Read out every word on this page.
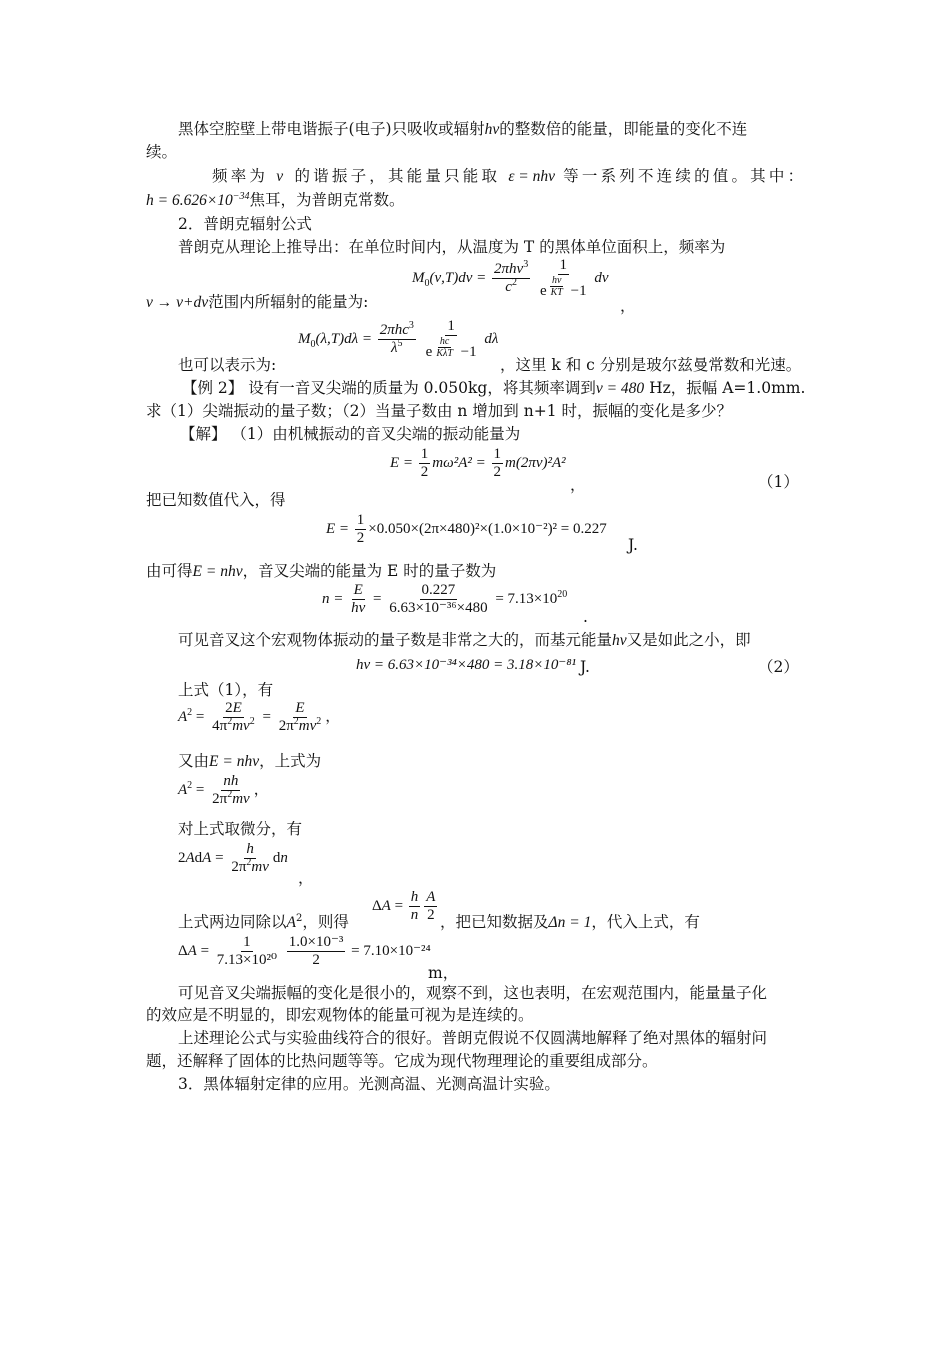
黑体空腔壁上带电谐振子(电子)只吸收或辐射hν的整数倍的能量，即能量的变化不连
续。
频率为 ν 的谐振子，其能量只能取 ε = nhν 等一系列不连续的值。其中：
$h = 6.626\times 10^{-34}$焦耳，为普朗克常数。
2．普朗克辐射公式
普朗克从理论上推导出：在单位时间内，从温度为 T 的黑体单位面积上，频率为
$M_0(\nu,T)d\nu = \frac{2\pi h\nu^3}{c^2}$
1
e $^{\frac{h\nu}{KT}}$ −1 dν
ν → ν+dν范围内所辐射的能量为:	，
$M_0(\lambda,T)d\lambda = \frac{2\pi hc^3}{\lambda^5}$
1
e $^{\frac{hc}{\text{KλT}}}$ −1 dλ
也可以表示为:	，这里 k 和 c 分别是玻尔兹曼常数和光速。
【例 2】 设有一音叉尖端的质量为 0.050kg，将其频率调到ν = 480 Hz，振幅 A=1.0mm.
求（1）尖端振动的量子数；（2）当量子数由 n 增加到 n+1 时，振幅的变化是多少？
【解】 （1）由机械振动的音叉尖端的振动能量为
$E = \frac{1}{2} m\omega^2A^2 = \frac{1}{2} m(2\pi\nu)^2A^2$
，	（1）
把已知数值代入，得
$E = \frac{1}{2} \times 0.050\times(2\pi\times 480)^2\times(1.0\times 10^{-2})^2 = 0.227$
J.
由可得E = nhν，音叉尖端的能量为 E 时的量子数为
$n = \frac{E}{h\nu} = \frac{0.227}{\text{6.63×10⁻³⁶×480}} = 7.13\times 10^{20}$
.
可见音叉这个宏观物体振动的量子数是非常之大的，而基元能量hν又是如此之小，即
hν = 6.63×10⁻³⁴×480 = 3.18×10⁻⁸¹ J.	（2）
上式（1），有
$A^2 = \frac{2E}{4\pi^2m\nu^2} = \frac{E}{2\pi^2m\nu^2}$ ，
又由E = nhν，上式为
$A^2 = \frac{nh}{2\pi^2m\nu}$ ，
对上式取微分，有
$2AdA = \frac{h}{2\pi^2m\nu}$ dn
，
上式两边同除以$A^2$，则得
$\Delta A = \frac{h}{n} \frac{A}{2}$ ，把已知数据及Δn = 1，代入上式，有
$\Delta A = \frac{1}{\text{7.13×10²⁰}}$
$\frac{\text{1.0×10⁻³}}{2} = 7.10\times 10^{-24}$
m，
可见音叉尖端振幅的变化是很小的，观察不到，这也表明，在宏观范围内，能量量子化
的效应是不明显的，即宏观物体的能量可视为是连续的。
上述理论公式与实验曲线符合的很好。普朗克假说不仅圆满地解释了绝对黑体的辐射问
题，还解释了固体的比热问题等等。它成为现代物理理论的重要组成部分。
3．黑体辐射定律的应用。光测高温、光测高温计实验。
